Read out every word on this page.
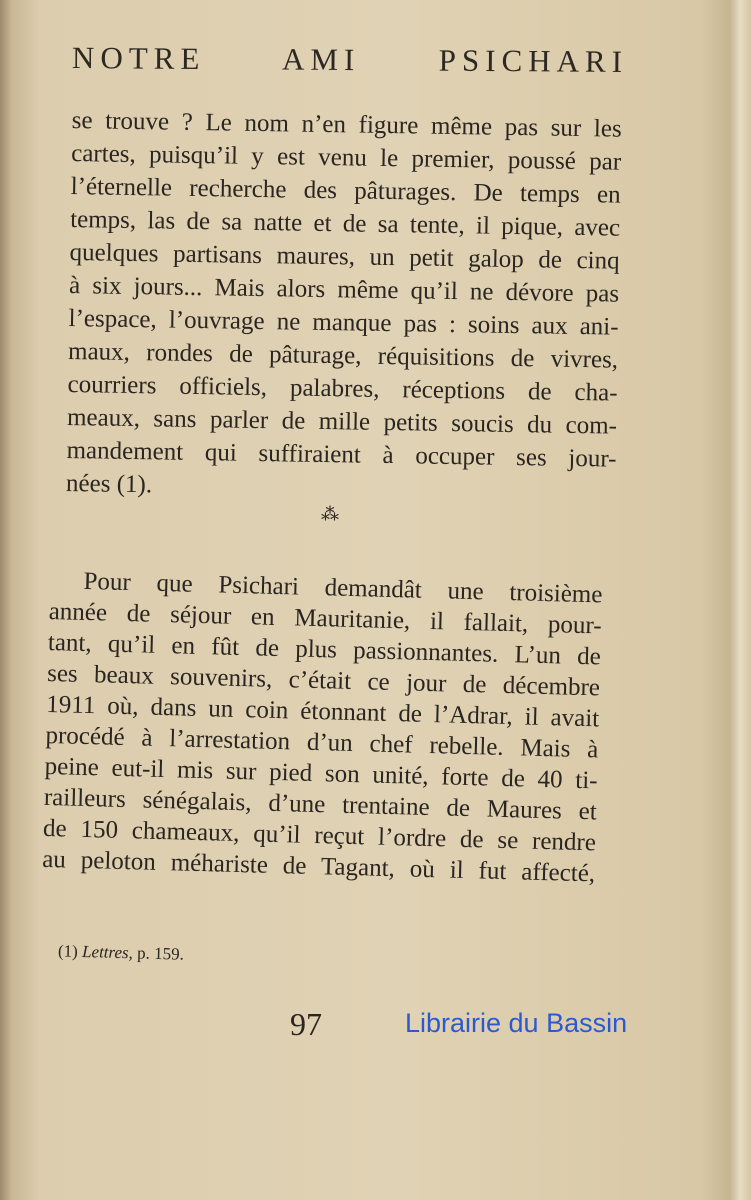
NOTRE AMI PSICHARI
se trouve ? Le nom n’en figure même pas sur les
cartes, puisqu’il y est venu le premier, poussé par
l’éternelle recherche des pâturages. De temps en
temps, las de sa natte et de sa tente, il pique, avec
quelques partisans maures, un petit galop de cinq
à six jours... Mais alors même qu’il ne dévore pas
l’espace, l’ouvrage ne manque pas : soins aux ani-
maux, rondes de pâturage, réquisitions de vivres,
courriers officiels, palabres, réceptions de cha-
meaux, sans parler de mille petits soucis du com-
mandement qui suffiraient à occuper ses jour-
nées (1).
⁂
Pour que Psichari demandât une troisième
année de séjour en Mauritanie, il fallait, pour-
tant, qu’il en fût de plus passionnantes. L’un de
ses beaux souvenirs, c’était ce jour de décembre
1911 où, dans un coin étonnant de l’Adrar, il avait
procédé à l’arrestation d’un chef rebelle. Mais à
peine eut-il mis sur pied son unité, forte de 40 ti-
railleurs sénégalais, d’une trentaine de Maures et
de 150 chameaux, qu’il reçut l’ordre de se rendre
au peloton méhariste de Tagant, où il fut affecté,
(1) Lettres, p. 159.
97	Librairie du Bassin
